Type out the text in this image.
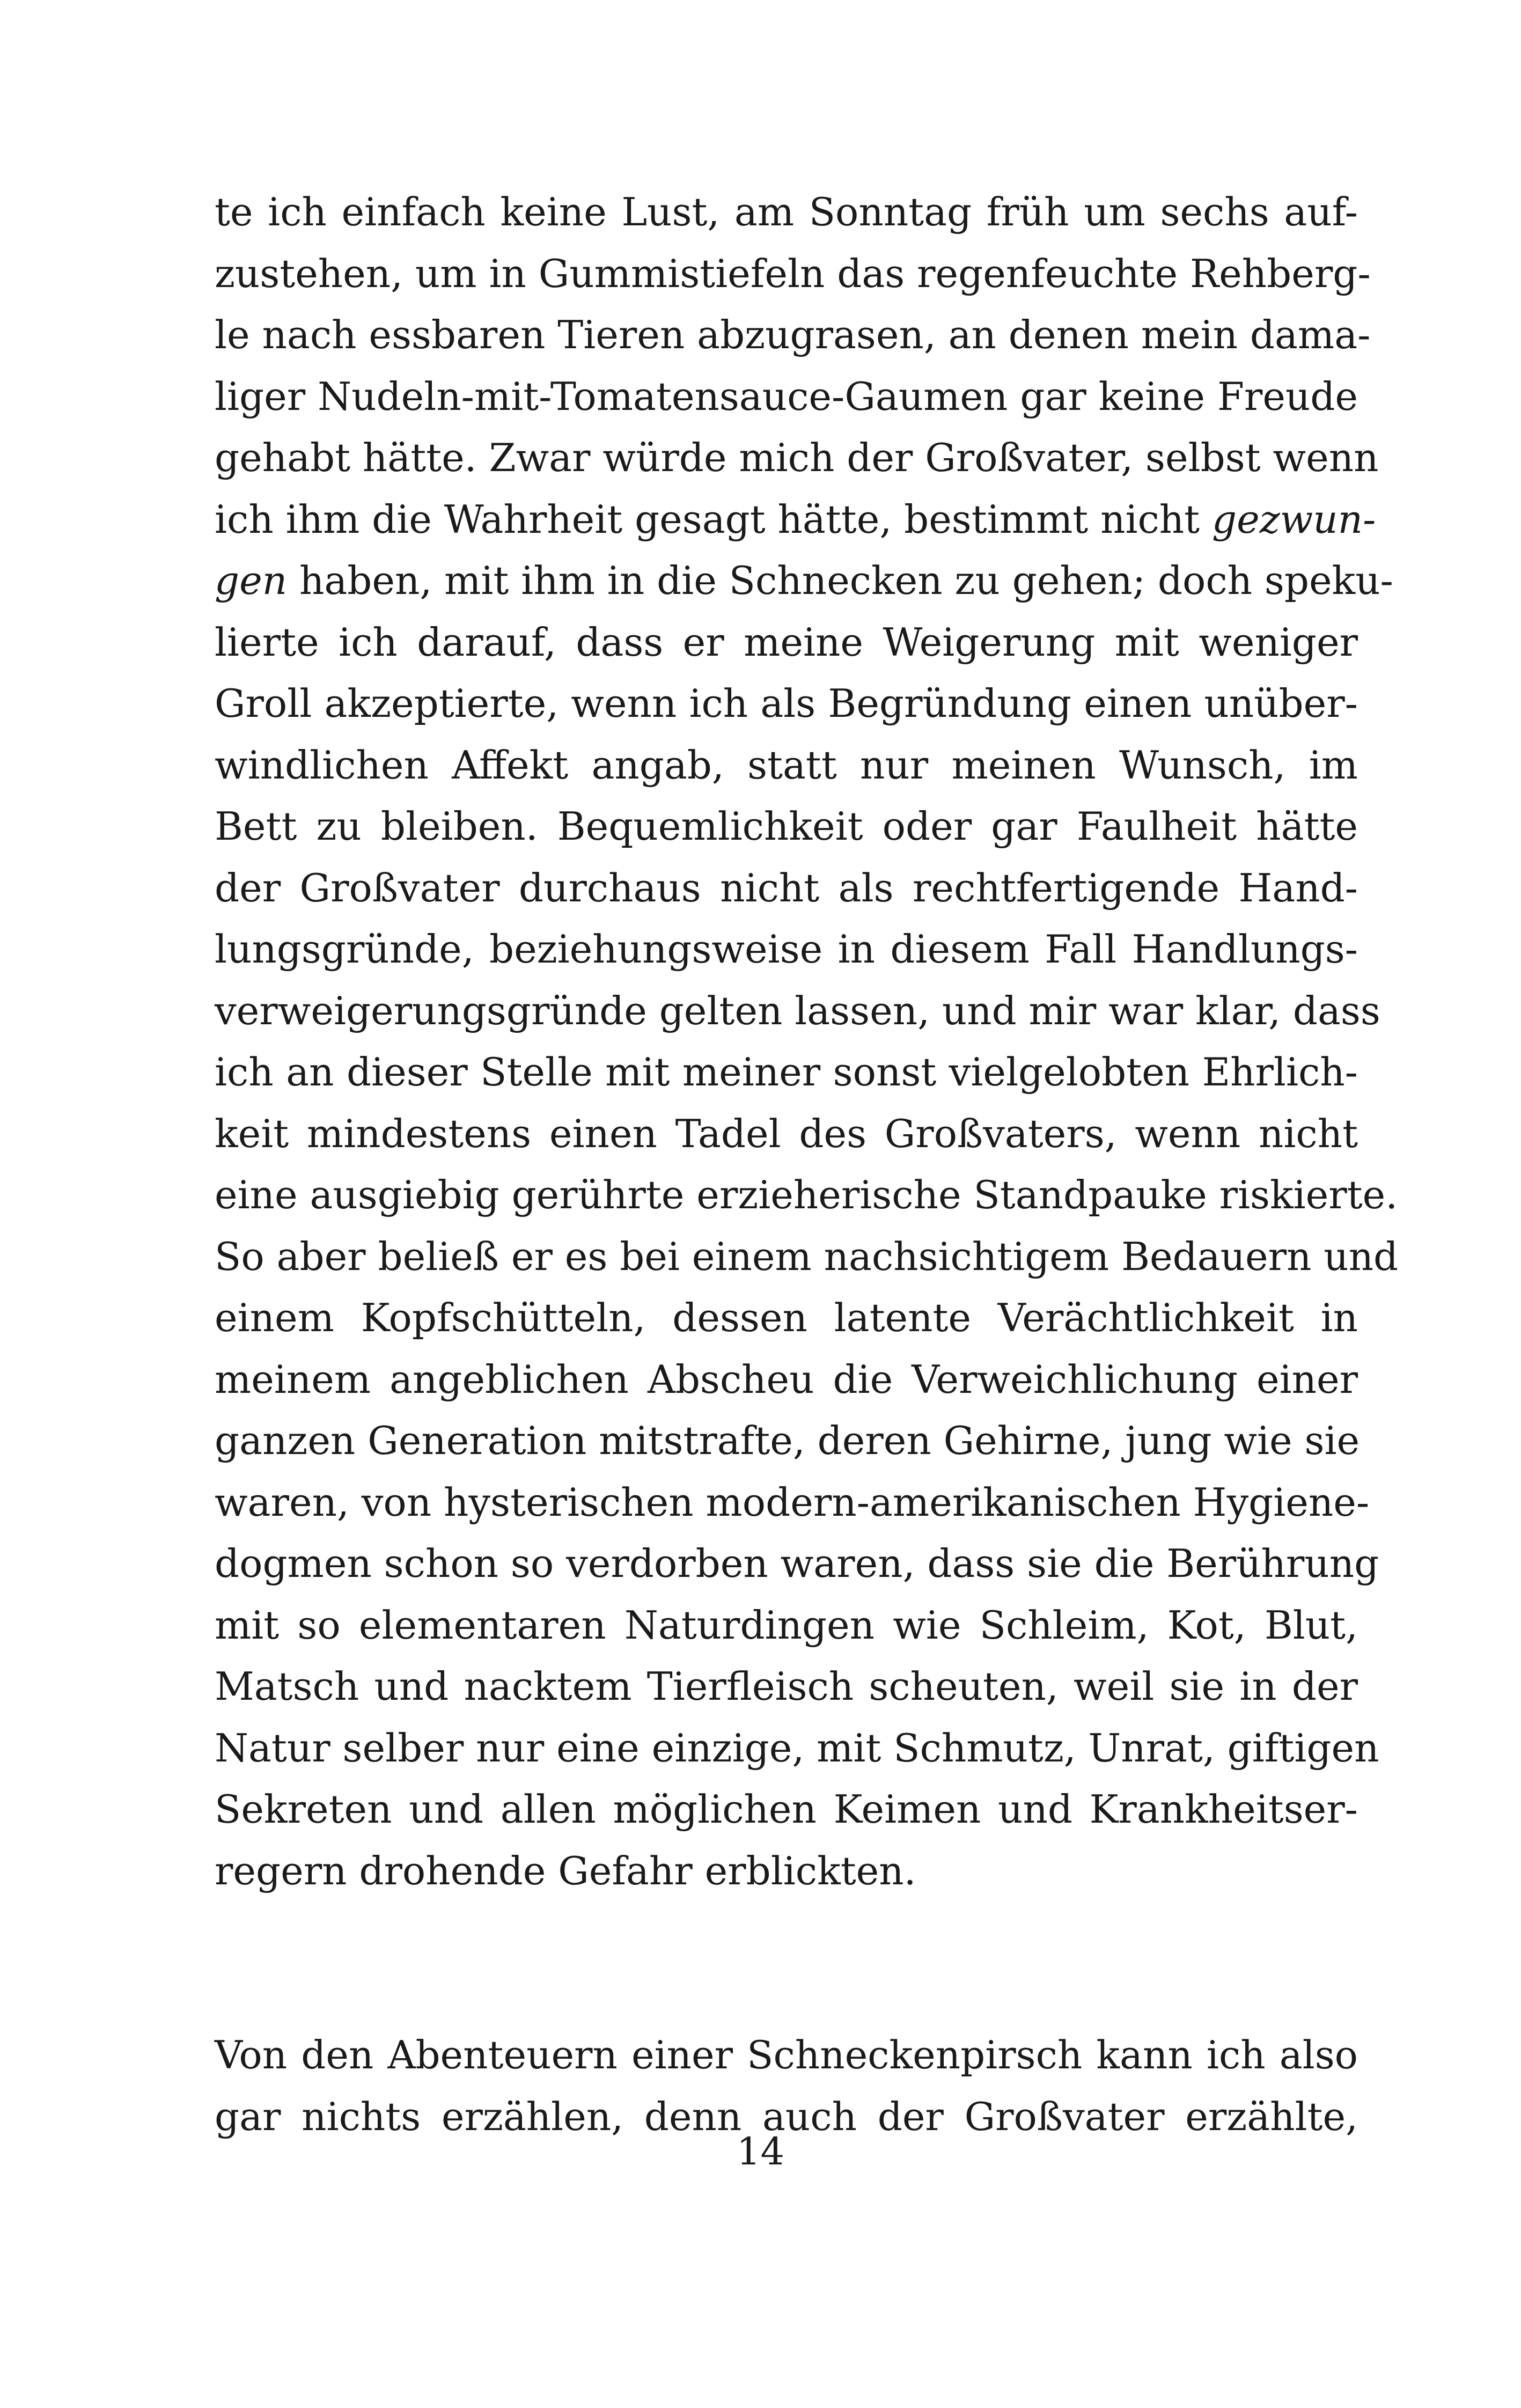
te ich einfach keine Lust, am Sonntag früh um sechs auf-
zustehen, um in Gummistiefeln das regenfeuchte Rehberg-
le nach essbaren Tieren abzugrasen, an denen mein dama-
liger Nudeln-mit-Tomatensauce-Gaumen gar keine Freude
gehabt hätte. Zwar würde mich der Großvater, selbst wenn
ich ihm die Wahrheit gesagt hätte, bestimmt nicht gezwun-
gen haben, mit ihm in die Schnecken zu gehen; doch speku-
lierte ich darauf, dass er meine Weigerung mit weniger
Groll akzeptierte, wenn ich als Begründung einen unüber-
windlichen Affekt angab, statt nur meinen Wunsch, im
Bett zu bleiben. Bequemlichkeit oder gar Faulheit hätte
der Großvater durchaus nicht als rechtfertigende Hand-
lungsgründe, beziehungsweise in diesem Fall Handlungs-
verweigerungsgründe gelten lassen, und mir war klar, dass
ich an dieser Stelle mit meiner sonst vielgelobten Ehrlich-
keit mindestens einen Tadel des Großvaters, wenn nicht
eine ausgiebig gerührte erzieherische Standpauke riskierte.
So aber beließ er es bei einem nachsichtigem Bedauern und
einem Kopfschütteln, dessen latente Verächtlichkeit in
meinem angeblichen Abscheu die Verweichlichung einer
ganzen Generation mitstrafte, deren Gehirne, jung wie sie
waren, von hysterischen modern-amerikanischen Hygiene-
dogmen schon so verdorben waren, dass sie die Berührung
mit so elementaren Naturdingen wie Schleim, Kot, Blut,
Matsch und nacktem Tierfleisch scheuten, weil sie in der
Natur selber nur eine einzige, mit Schmutz, Unrat, giftigen
Sekreten und allen möglichen Keimen und Krankheitser-
regern drohende Gefahr erblickten.
Von den Abenteuern einer Schneckenpirsch kann ich also
gar nichts erzählen, denn auch der Großvater erzählte,
14
